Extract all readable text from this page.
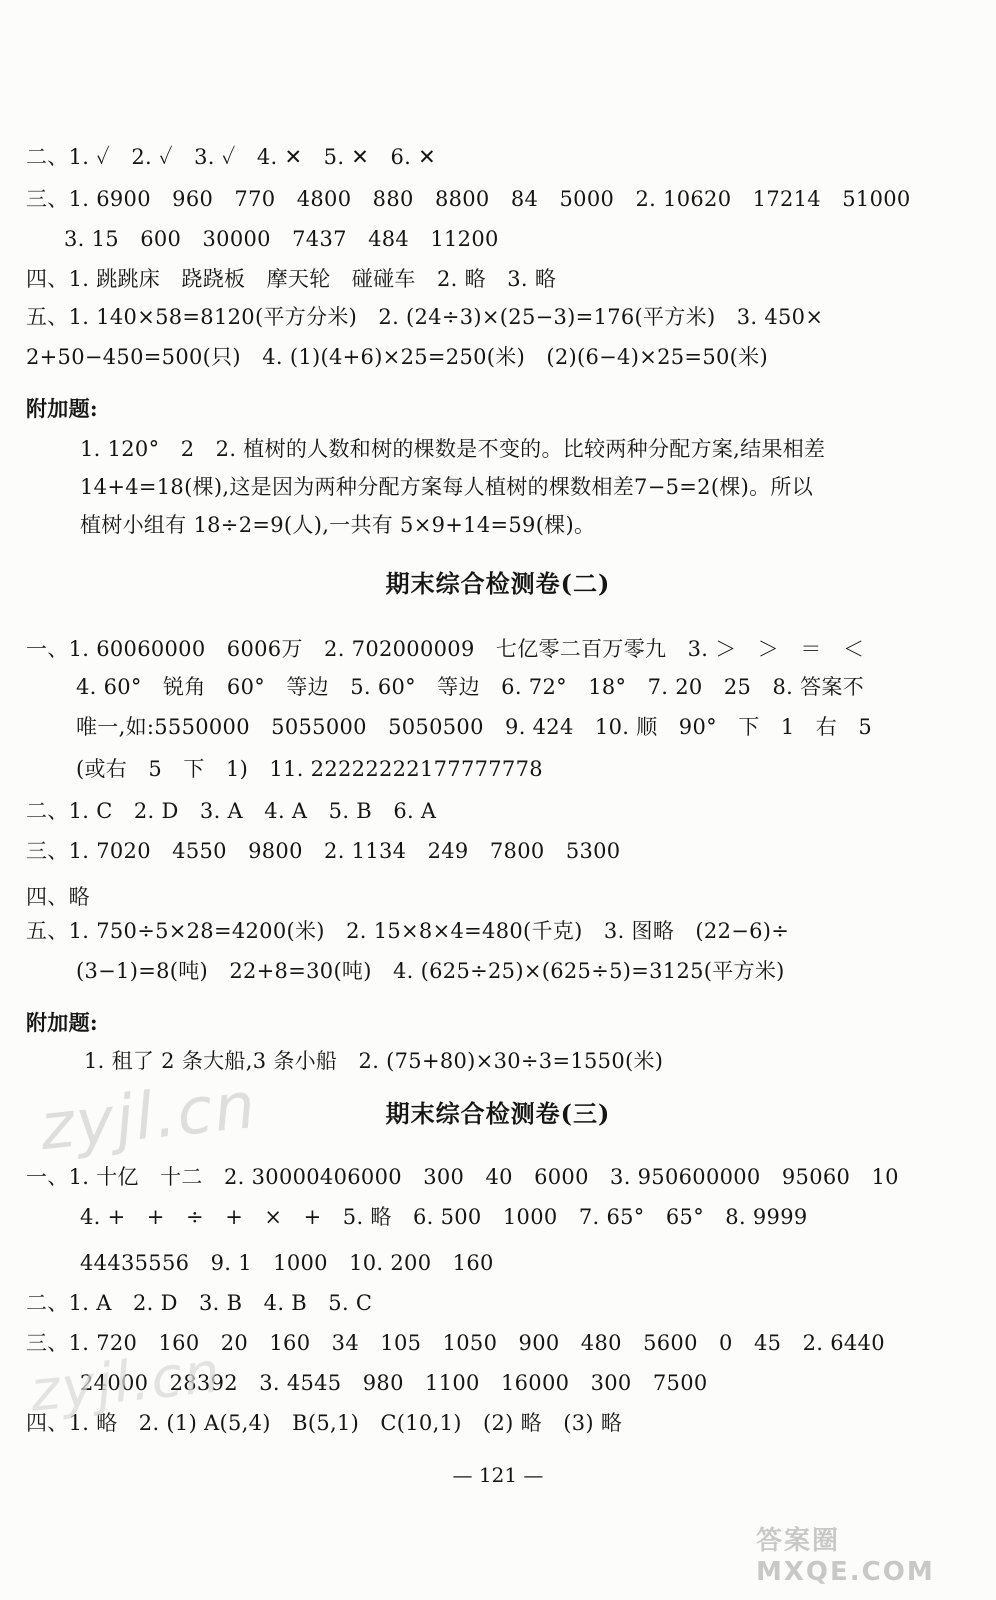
二、1. ✓　2. ✓　3. ✓　4. ✕　5. ✕　6. ✕
三、1. 6900　960　770　4800　880　8800　84　5000　2. 10620　17214　51000
3. 15　600　30000　7437　484　11200
四、1. 跳跳床　跷跷板　摩天轮　碰碰车　2. 略　3. 略
五、1. 140×58=8120(平方分米)　2. (24÷3)×(25−3)=176(平方米)　3. 450×
2+50−450=500(只)　4. (1)(4+6)×25=250(米)　(2)(6−4)×25=50(米)
附加题:
1. 120°　2　2. 植树的人数和树的棵数是不变的。比较两种分配方案,结果相差
14+4=18(棵),这是因为两种分配方案每人植树的棵数相差7−5=2(棵)。所以
植树小组有 18÷2=9(人),一共有 5×9+14=59(棵)。
期末综合检测卷(二)
一、1. 60060000　6006万　2. 702000009　七亿零二百万零九　3. ＞　＞　＝　＜
4. 60°　锐角　60°　等边　5. 60°　等边　6. 72°　18°　7. 20　25　8. 答案不
唯一,如:5550000　5055000　5050500　9. 424　10. 顺　90°　下　1　右　5
(或右　5　下　1)　11. 22222222177777778
二、1. C　2. D　3. A　4. A　5. B　6. A
三、1. 7020　4550　9800　2. 1134　249　7800　5300
四、略
五、1. 750÷5×28=4200(米)　2. 15×8×4=480(千克)　3. 图略　(22−6)÷
(3−1)=8(吨)　22+8=30(吨)　4. (625÷25)×(625÷5)=3125(平方米)
附加题:
1. 租了 2 条大船,3 条小船　2. (75+80)×30÷3=1550(米)
期末综合检测卷(三)
一、1. 十亿　十二　2. 30000406000　300　40　6000　3. 950600000　95060　10
4. +　+　÷　+　×　+　5. 略　6. 500　1000　7. 65°　65°　8. 9999
44435556　9. 1　1000　10. 200　160
二、1. A　2. D　3. B　4. B　5. C
三、1. 720　160　20　160　34　105　1050　900　480　5600　0　45　2. 6440
24000　28392　3. 4545　980　1100　16000　300　7500
四、1. 略　2. (1) A(5,4)　B(5,1)　C(10,1)　(2) 略　(3) 略
— 121 —
zyjl.cn
zyjl.cn
答案圈 MXQE.COM
